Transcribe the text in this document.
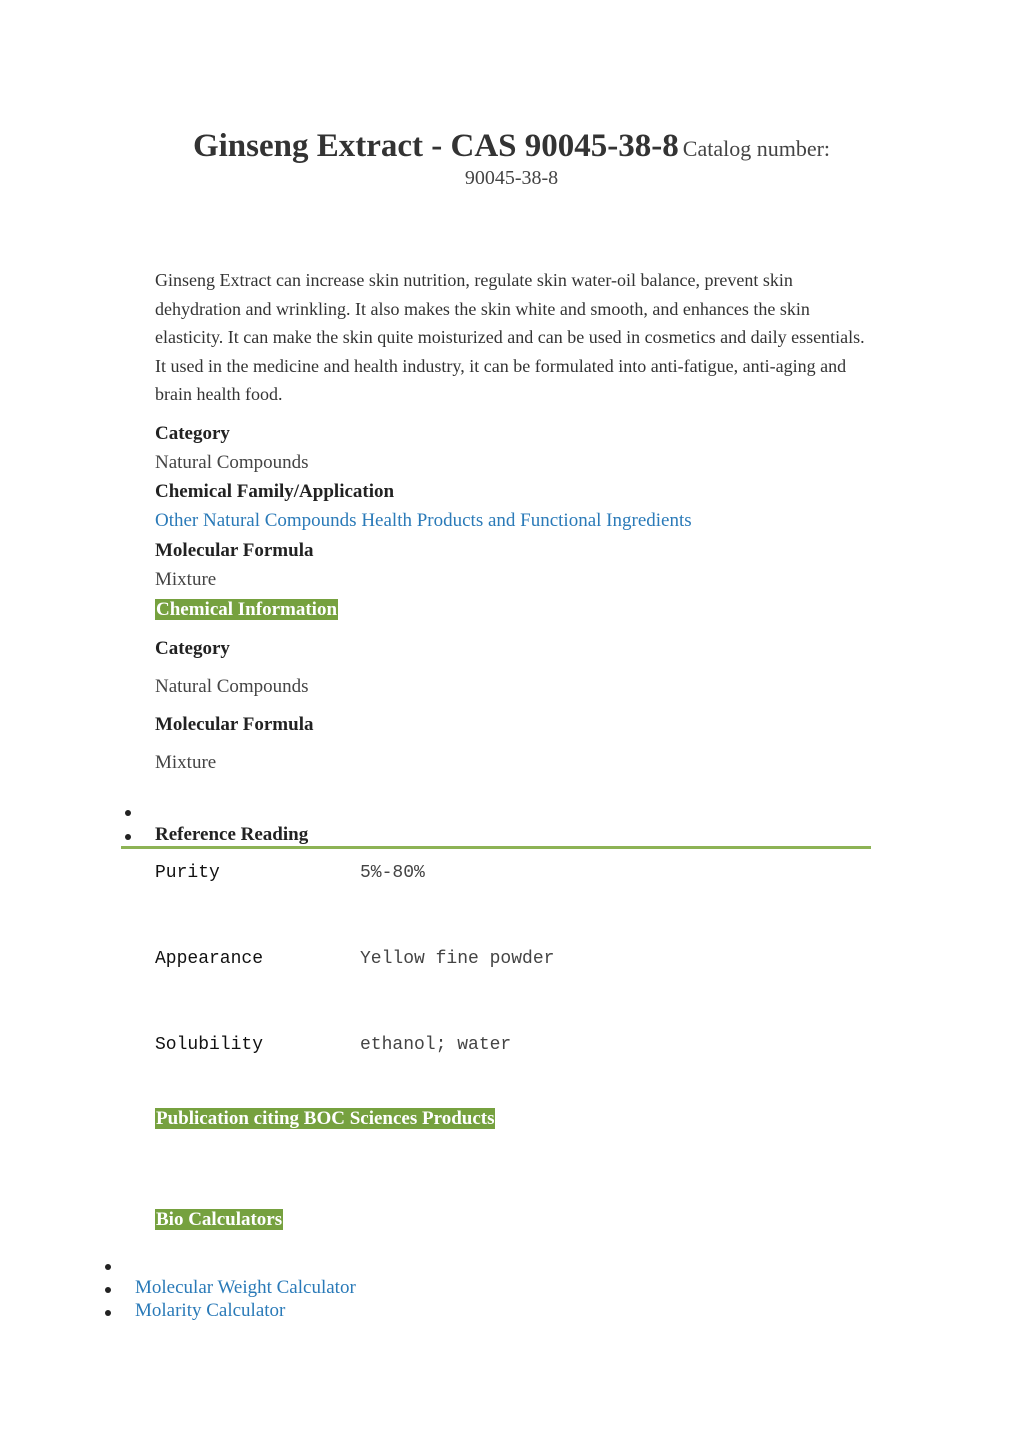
Ginseng Extract - CAS 90045-38-8 Catalog number:
90045-38-8
Ginseng Extract can increase skin nutrition, regulate skin water-oil balance, prevent skin dehydration and wrinkling. It also makes the skin white and smooth, and enhances the skin elasticity. It can make the skin quite moisturized and can be used in cosmetics and daily essentials. It used in the medicine and health industry, it can be formulated into anti-fatigue, anti-aging and brain health food.
Category
Natural Compounds
Chemical Family/Application
Other Natural Compounds Health Products and Functional Ingredients
Molecular Formula
Mixture
Chemical Information
Category
Natural Compounds
Molecular Formula
Mixture
Reference Reading
Purity	5%-80%
Appearance	Yellow fine powder
Solubility	ethanol; water
Publication citing BOC Sciences Products
Bio Calculators
Molecular Weight Calculator
Molarity Calculator
